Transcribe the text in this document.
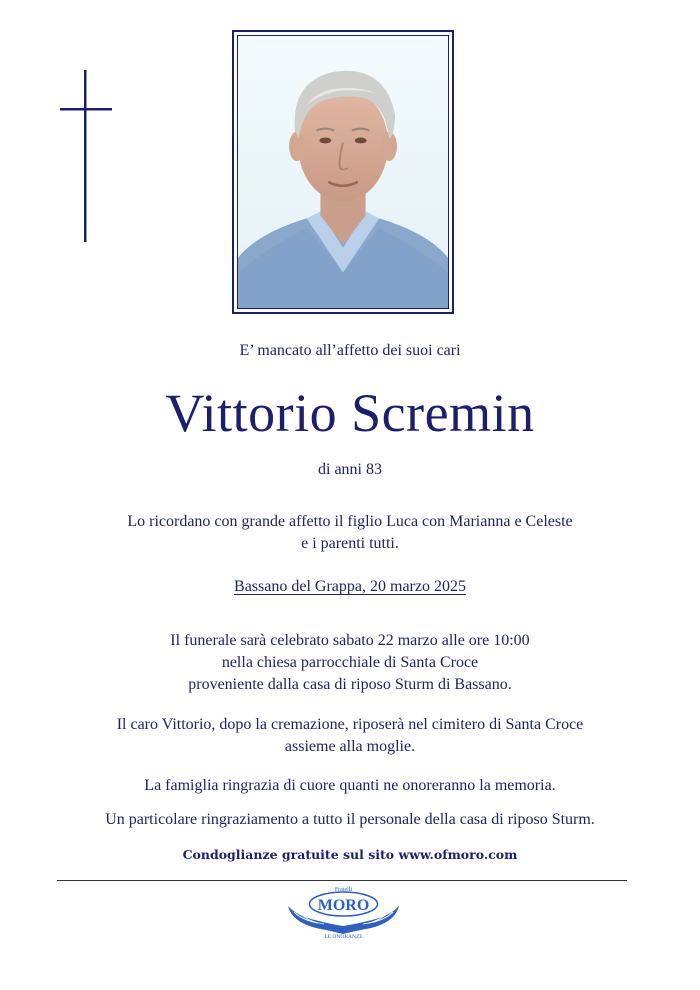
E’ mancato all’affetto dei suoi cari
Vittorio Scremin
di anni 83
Lo ricordano con grande affetto il figlio Luca con Marianna e Celeste
e i parenti tutti.
Bassano del Grappa, 20 marzo 2025
Il funerale sarà celebrato sabato 22 marzo alle ore 10:00
nella chiesa parrocchiale di Santa Croce
proveniente dalla casa di riposo Sturm di Bassano.
Il caro Vittorio, dopo la cremazione, riposerà nel cimitero di Santa Croce
assieme alla moglie.
La famiglia ringrazia di cuore quanti ne onoreranno la memoria.
Un particolare ringraziamento a tutto il personale della casa di riposo Sturm.
Condoglianze gratuite sul sito www.ofmoro.com
Fratelli
MORO
LE ONORANZE
